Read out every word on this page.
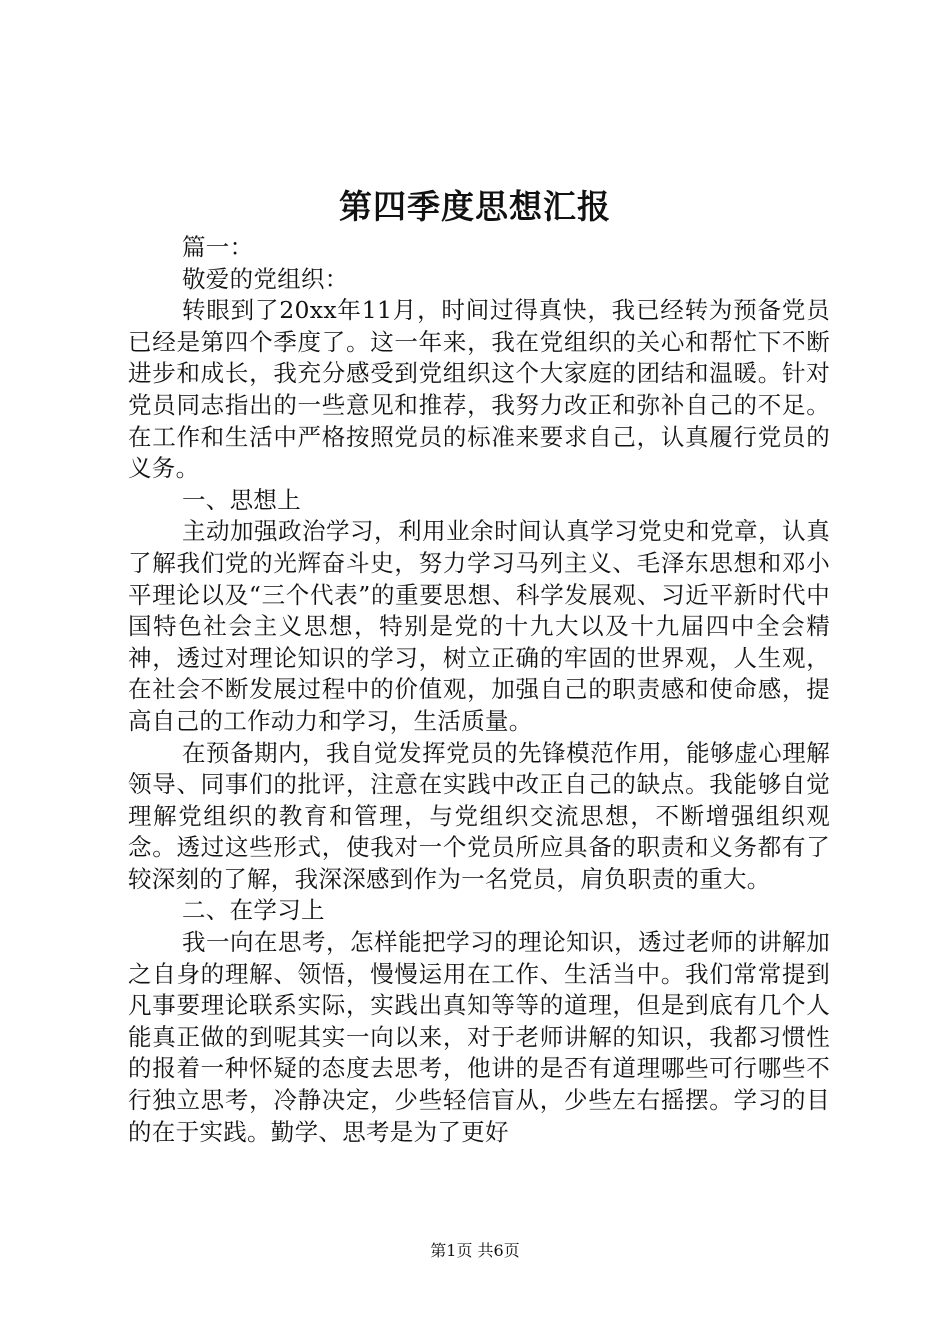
第四季度思想汇报

篇一：

敬爱的党组织：

转眼到了20xx年11月，时间过得真快，我已经转为预备党员已经是第四个季度了。这一年来，我在党组织的关心和帮忙下不断进步和成长，我充分感受到党组织这个大家庭的团结和温暖。针对党员同志指出的一些意见和推荐，我努力改正和弥补自己的不足。在工作和生活中严格按照党员的标准来要求自己，认真履行党员的义务。

一、思想上

主动加强政治学习，利用业余时间认真学习党史和党章，认真了解我们党的光辉奋斗史，努力学习马列主义、毛泽东思想和邓小平理论以及“三个代表”的重要思想、科学发展观、习近平新时代中国特色社会主义思想，特别是党的十九大以及十九届四中全会精神，透过对理论知识的学习，树立正确的牢固的世界观，人生观，在社会不断发展过程中的价值观，加强自己的职责感和使命感，提高自己的工作动力和学习，生活质量。

在预备期内，我自觉发挥党员的先锋模范作用，能够虚心理解领导、同事们的批评，注意在实践中改正自己的缺点。我能够自觉理解党组织的教育和管理，与党组织交流思想，不断增强组织观念。透过这些形式，使我对一个党员所应具备的职责和义务都有了较深刻的了解，我深深感到作为一名党员，肩负职责的重大。

二、在学习上

我一向在思考，怎样能把学习的理论知识，透过老师的讲解加之自身的理解、领悟，慢慢运用在工作、生活当中。我们常常提到凡事要理论联系实际，实践出真知等等的道理，但是到底有几个人能真正做的到呢其实一向以来，对于老师讲解的知识，我都习惯性的报着一种怀疑的态度去思考，他讲的是否有道理哪些可行哪些不行独立思考，冷静决定，少些轻信盲从，少些左右摇摆。学习的目的在于实践。勤学、思考是为了更好

第1页 共6页
